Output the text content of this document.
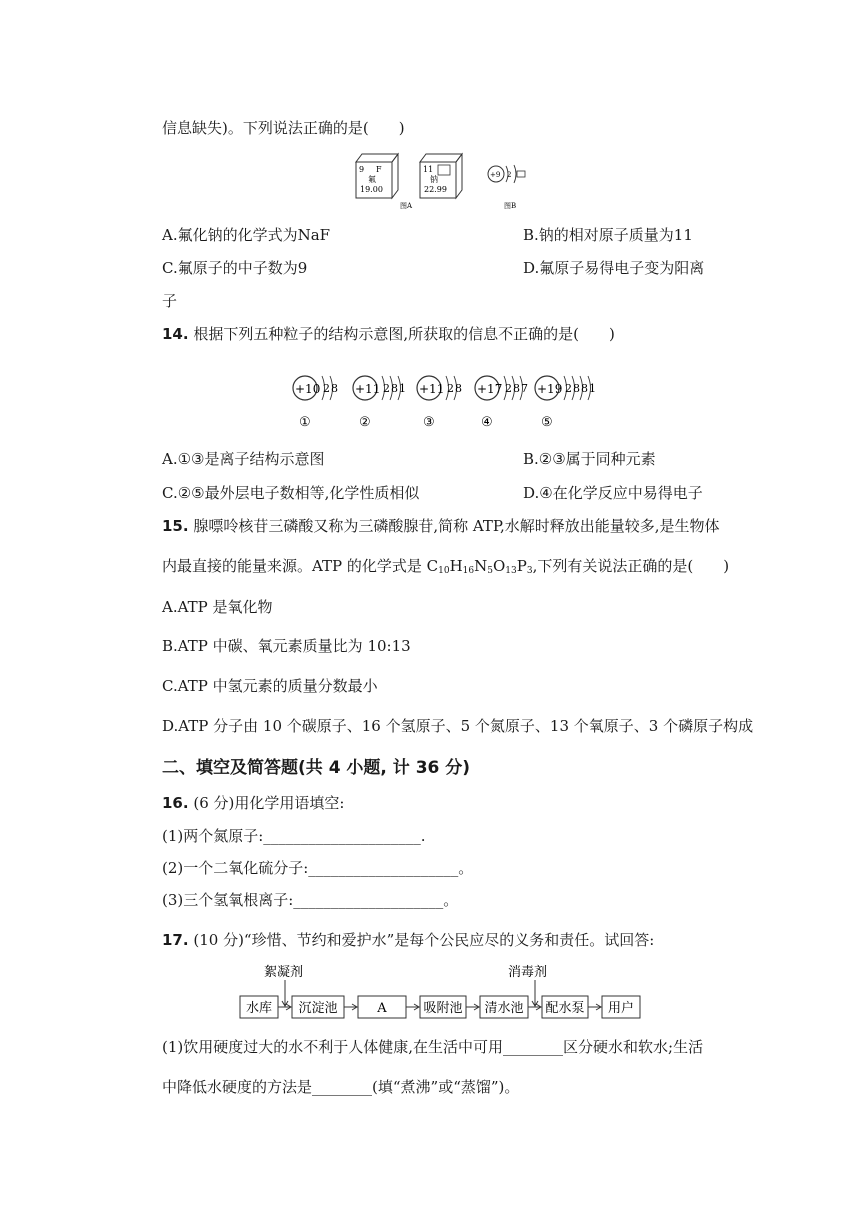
信息缺失)。下列说法正确的是(　　)
9 F
氟
19.00
11
钠
22.99
图A
+9 2
图B
A.氟化钠的化学式为NaF	B.钠的相对原子质量为11
C.氟原子的中子数为9	D.氟原子易得电子变为阳离
子
14. 根据下列五种粒子的结构示意图,所获取的信息不正确的是(　　)
+10 2 8
①
+11 2 8 1
②
+11 2 8
③
+17 2 8 7
④
+19 2 8 8 1
⑤
A.①③是离子结构示意图	B.②③属于同种元素
C.②⑤最外层电子数相等,化学性质相似	D.④在化学反应中易得电子
15. 腺嘌呤核苷三磷酸又称为三磷酸腺苷,简称 ATP,水解时释放出能量较多,是生物体
内最直接的能量来源。ATP 的化学式是 $C_{10}H_{16}N_5O_{13}P_3$,下列有关说法正确的是(　　)
A.ATP 是氧化物
B.ATP 中碳、氧元素质量比为 10:13
C.ATP 中氢元素的质量分数最小
D.ATP 分子由 10 个碳原子、16 个氢原子、5 个氮原子、13 个氧原子、3 个磷原子构成
二、填空及简答题(共 4 小题, 计 36 分)
16. (6 分)用化学用语填空:
(1)两个氮原子:_____________________.
(2)一个二氧化硫分子:____________________。
(3)三个氢氧根离子:____________________。
17. (10 分)“珍惜、节约和爱护水”是每个公民应尽的义务和责任。试回答:
絮凝剂	消毒剂
水库 沉淀池	A	吸附池 清水池 配水泵 用户
(1)饮用硬度过大的水不利于人体健康,在生活中可用________区分硬水和软水;生活
中降低水硬度的方法是________(填“煮沸”或“蒸馏”)。
